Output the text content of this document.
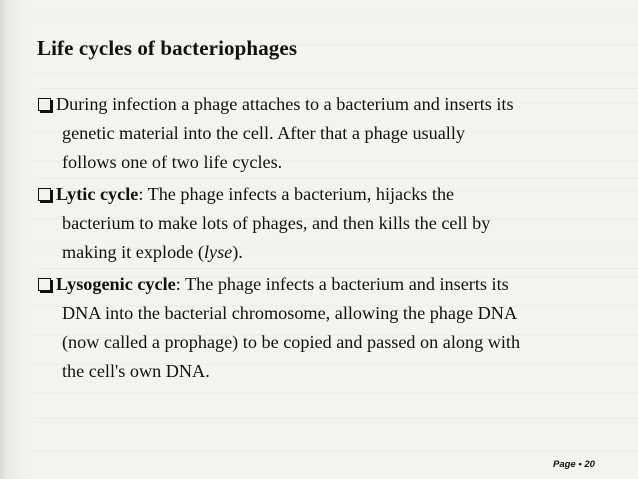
Life cycles of bacteriophages
During infection a phage attaches to a bacterium and inserts its
genetic material into the cell. After that a phage usually
follows one of two life cycles.
Lytic cycle: The phage infects a bacterium, hijacks the
bacterium to make lots of phages, and then kills the cell by
making it explode (lyse).
Lysogenic cycle: The phage infects a bacterium and inserts its
DNA into the bacterial chromosome, allowing the phage DNA
(now called a prophage) to be copied and passed on along with
the cell's own DNA.
Page • 20
